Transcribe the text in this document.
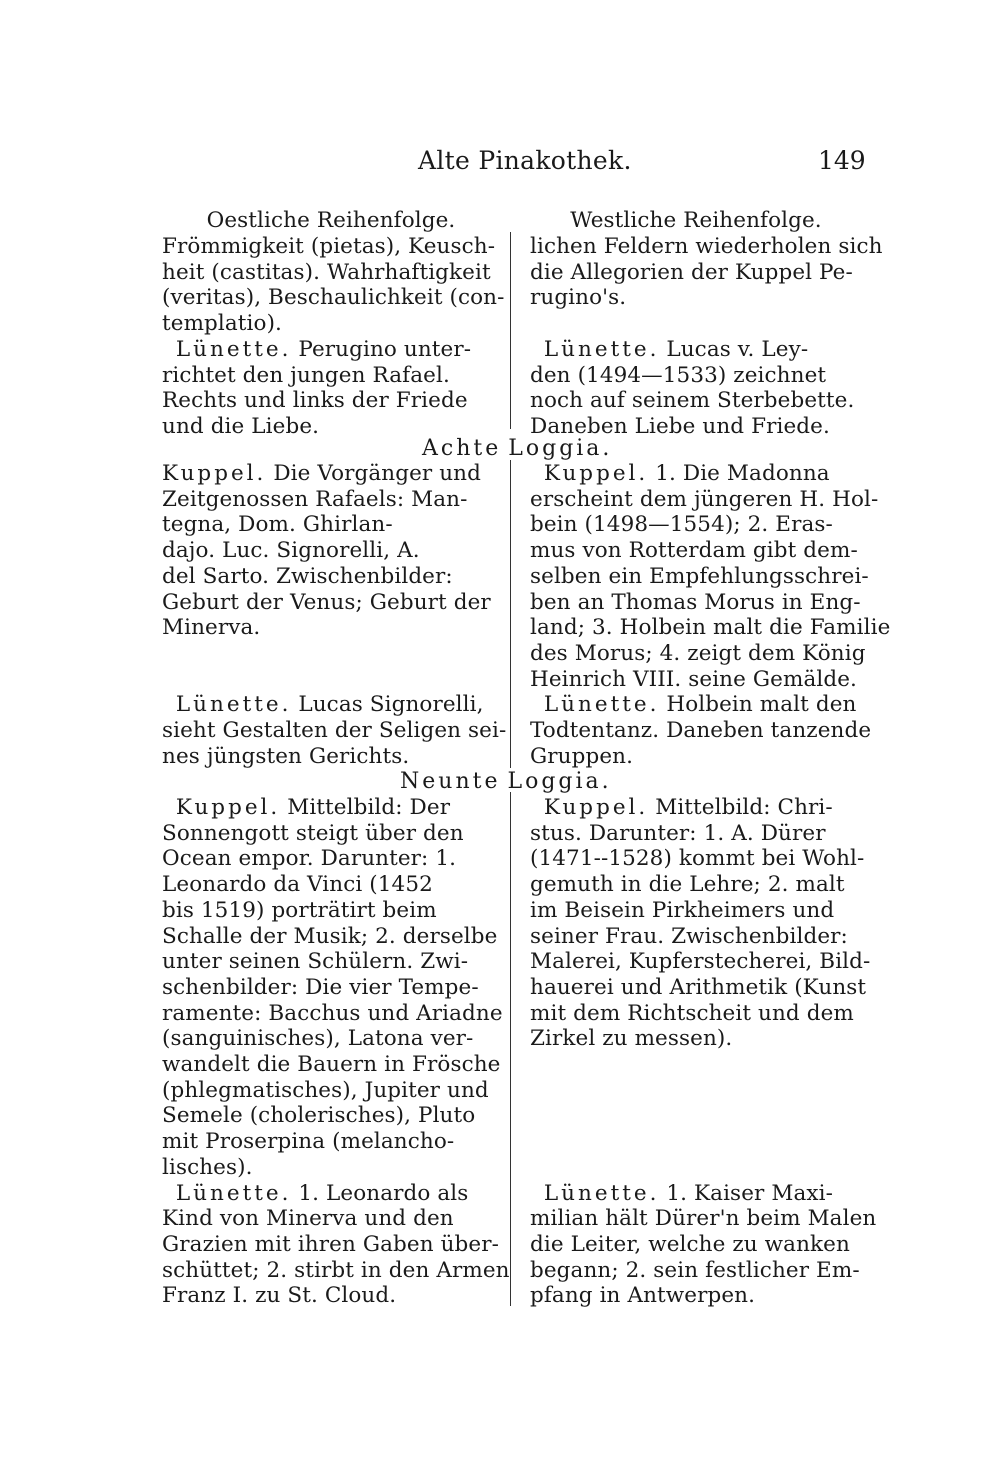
Alte Pinakothek.	149
Oestliche Reihenfolge.
Frömmigkeit (pietas), Keusch-
heit (castitas). Wahrhaftigkeit
(veritas), Beschaulichkeit (con-
templatio).
Lünette. Perugino unter-
richtet den jungen Rafael.
Rechts und links der Friede
und die Liebe.
Westliche Reihenfolge.
lichen Feldern wiederholen sich
die Allegorien der Kuppel Pe-
rugino's.

Lünette. Lucas v. Ley-
den (1494—1533) zeichnet
noch auf seinem Sterbebette.
Daneben Liebe und Friede.
Achte Loggia.
Kuppel. Die Vorgänger und
Zeitgenossen Rafaels: Man-
tegna, Dom. Ghirlan-
dajo. Luc. Signorelli, A.
del Sarto. Zwischenbilder:
Geburt der Venus; Geburt der
Minerva.

Lünette. Lucas Signorelli,
sieht Gestalten der Seligen sei-
nes jüngsten Gerichts.
Kuppel. 1. Die Madonna
erscheint dem jüngeren H. Hol-
bein (1498—1554); 2. Eras-
mus von Rotterdam gibt dem-
selben ein Empfehlungsschrei-
ben an Thomas Morus in Eng-
land; 3. Holbein malt die Familie
des Morus; 4. zeigt dem König
Heinrich VIII. seine Gemälde.
Lünette. Holbein malt den
Todtentanz. Daneben tanzende
Gruppen.
Neunte Loggia.
Kuppel. Mittelbild: Der
Sonnengott steigt über den
Ocean empor. Darunter: 1.
Leonardo da Vinci (1452
bis 1519) porträtirt beim
Schalle der Musik; 2. derselbe
unter seinen Schülern. Zwi-
schenbilder: Die vier Tempe-
ramente: Bacchus und Ariadne
(sanguinisches), Latona ver-
wandelt die Bauern in Frösche
(phlegmatisches), Jupiter und
Semele (cholerisches), Pluto
mit Proserpina (melancho-
lisches).
Lünette. 1. Leonardo als
Kind von Minerva und den
Grazien mit ihren Gaben über-
schüttet; 2. stirbt in den Armen
Franz I. zu St. Cloud.
Kuppel. Mittelbild: Chri-
stus. Darunter: 1. A. Dürer
(1471--1528) kommt bei Wohl-
gemuth in die Lehre; 2. malt
im Beisein Pirkheimers und
seiner Frau. Zwischenbilder:
Malerei, Kupferstecherei, Bild-
hauerei und Arithmetik (Kunst
mit dem Richtscheit und dem
Zirkel zu messen).

Lünette. 1. Kaiser Maxi-
milian hält Dürer'n beim Malen
die Leiter, welche zu wanken
begann; 2. sein festlicher Em-
pfang in Antwerpen.
